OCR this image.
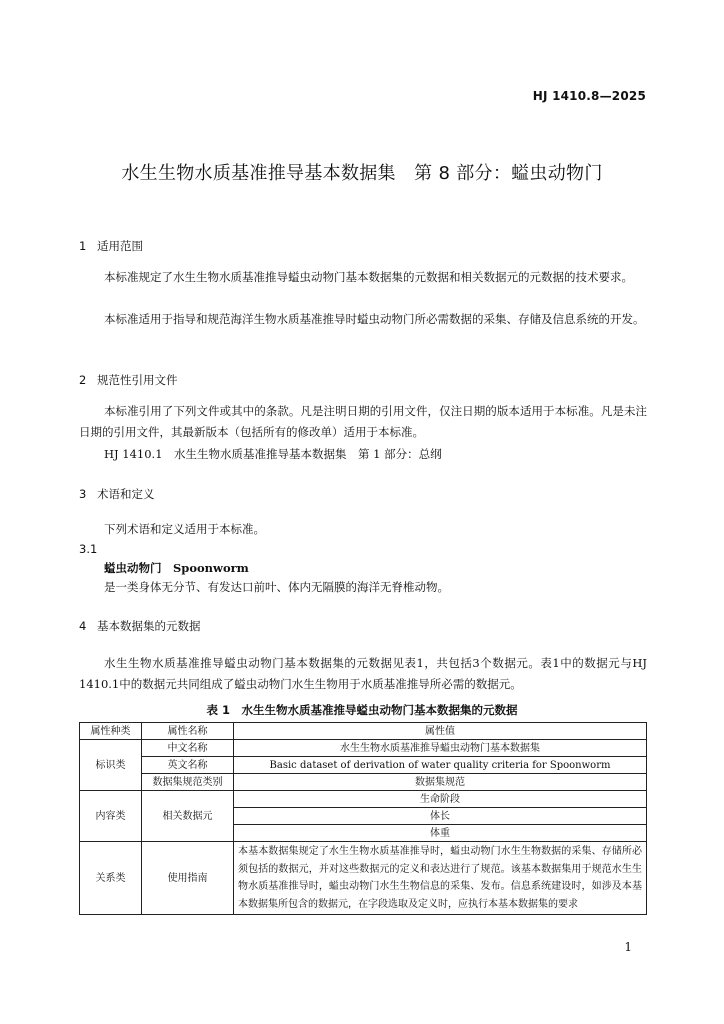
HJ 1410.8—2025
水生生物水质基准推导基本数据集　第 8 部分：螠虫动物门
1 适用范围
本标准规定了水生生物水质基准推导螠虫动物门基本数据集的元数据和相关数据元的元数据的技术要求。
本标准适用于指导和规范海洋生物水质基准推导时螠虫动物门所必需数据的采集、存储及信息系统的开发。
2 规范性引用文件
本标准引用了下列文件或其中的条款。凡是注明日期的引用文件，仅注日期的版本适用于本标准。凡是未注日期的引用文件，其最新版本（包括所有的修改单）适用于本标准。
HJ 1410.1　水生生物水质基准推导基本数据集　第 1 部分：总纲
3 术语和定义
下列术语和定义适用于本标准。
3.1
螠虫动物门　Spoonworm
是一类身体无分节、有发达口前叶、体内无隔膜的海洋无脊椎动物。
4 基本数据集的元数据
水生生物水质基准推导螠虫动物门基本数据集的元数据见表1，共包括3个数据元。表1中的数据元与HJ 1410.1中的数据元共同组成了螠虫动物门水生生物用于水质基准推导所必需的数据元。
表 1　水生生物水质基准推导螠虫动物门基本数据集的元数据
属性种类	属性名称	属性值
标识类	中文名称	水生生物水质基准推导螠虫动物门基本数据集
	英文名称	Basic dataset of derivation of water quality criteria for Spoonworm
	数据集规范类别	数据集规范
内容类	相关数据元	生命阶段
		体长
		体重
关系类	使用指南	本基本数据集规定了水生生物水质基准推导时，螠虫动物门水生生物数据的采集、存储所必须包括的数据元，并对这些数据元的定义和表达进行了规范。该基本数据集用于规范水生生物水质基准推导时，螠虫动物门水生生物信息的采集、发布。信息系统建设时，如涉及本基本数据集所包含的数据元，在字段选取及定义时，应执行本基本数据集的要求
1
